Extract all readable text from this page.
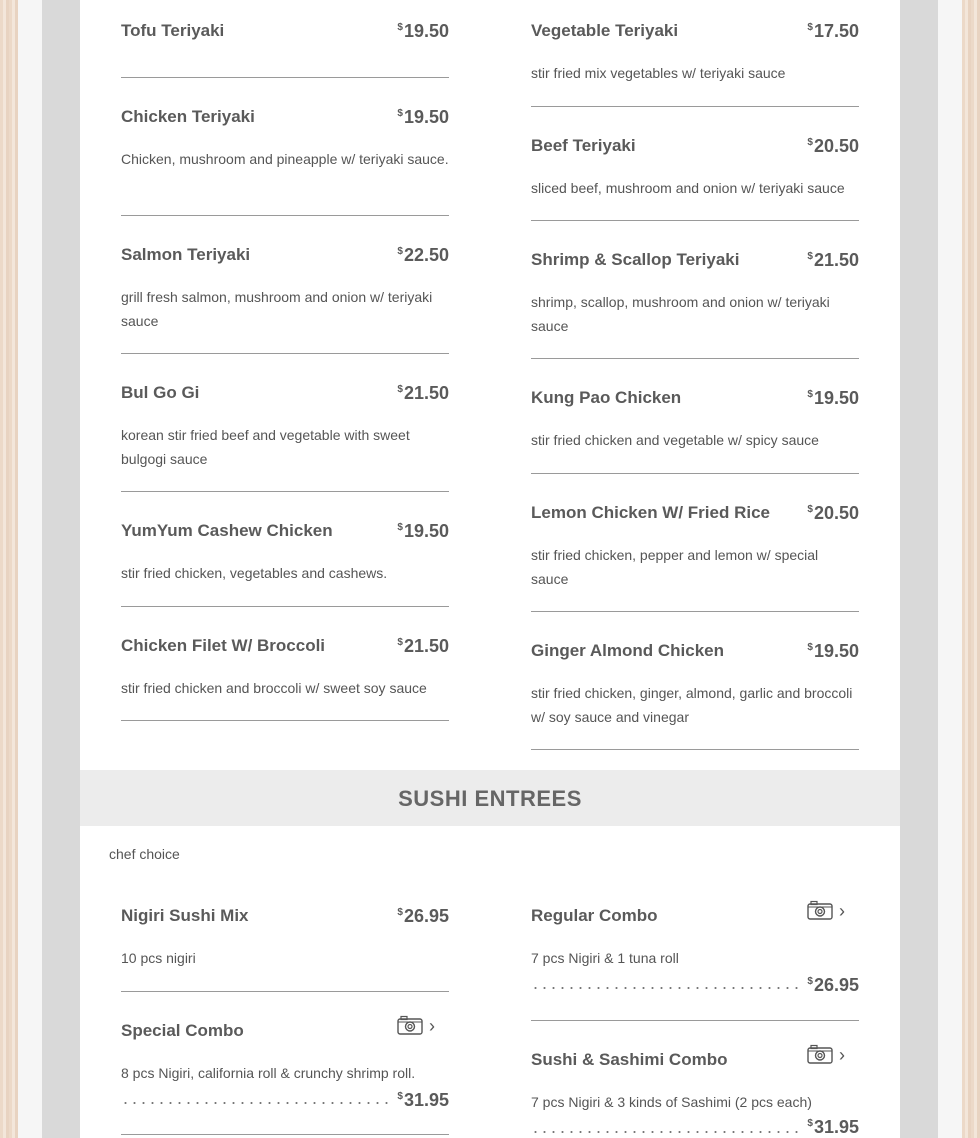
Tofu Teriyaki	$19.50
Chicken Teriyaki	$19.50
Chicken, mushroom and pineapple w/ teriyaki sauce.
Salmon Teriyaki	$22.50
grill fresh salmon, mushroom and onion w/ teriyaki sauce
Bul Go Gi	$21.50
korean stir fried beef and vegetable with sweet bulgogi sauce
YumYum Cashew Chicken	$19.50
stir fried chicken, vegetables and cashews.
Chicken Filet W/ Broccoli	$21.50
stir fried chicken and broccoli w/ sweet soy sauce
Vegetable Teriyaki	$17.50
stir fried mix vegetables w/ teriyaki sauce
Beef Teriyaki	$20.50
sliced beef, mushroom and onion w/ teriyaki sauce
Shrimp & Scallop Teriyaki	$21.50
shrimp, scallop, mushroom and onion w/ teriyaki sauce
Kung Pao Chicken	$19.50
stir fried chicken and vegetable w/ spicy sauce
Lemon Chicken W/ Fried Rice	$20.50
stir fried chicken, pepper and lemon w/ special sauce
Ginger Almond Chicken	$19.50
stir fried chicken, ginger, almond, garlic and broccoli w/ soy sauce and vinegar
SUSHI ENTREES
chef choice
Nigiri Sushi Mix	$26.95
10 pcs nigiri
Special Combo	›
8 pcs Nigiri, california roll & crunchy shrimp roll.
$31.95
Regular Combo	›
7 pcs Nigiri & 1 tuna roll
$26.95
Sushi & Sashimi Combo	›
7 pcs Nigiri & 3 kinds of Sashimi (2 pcs each)
$31.95
